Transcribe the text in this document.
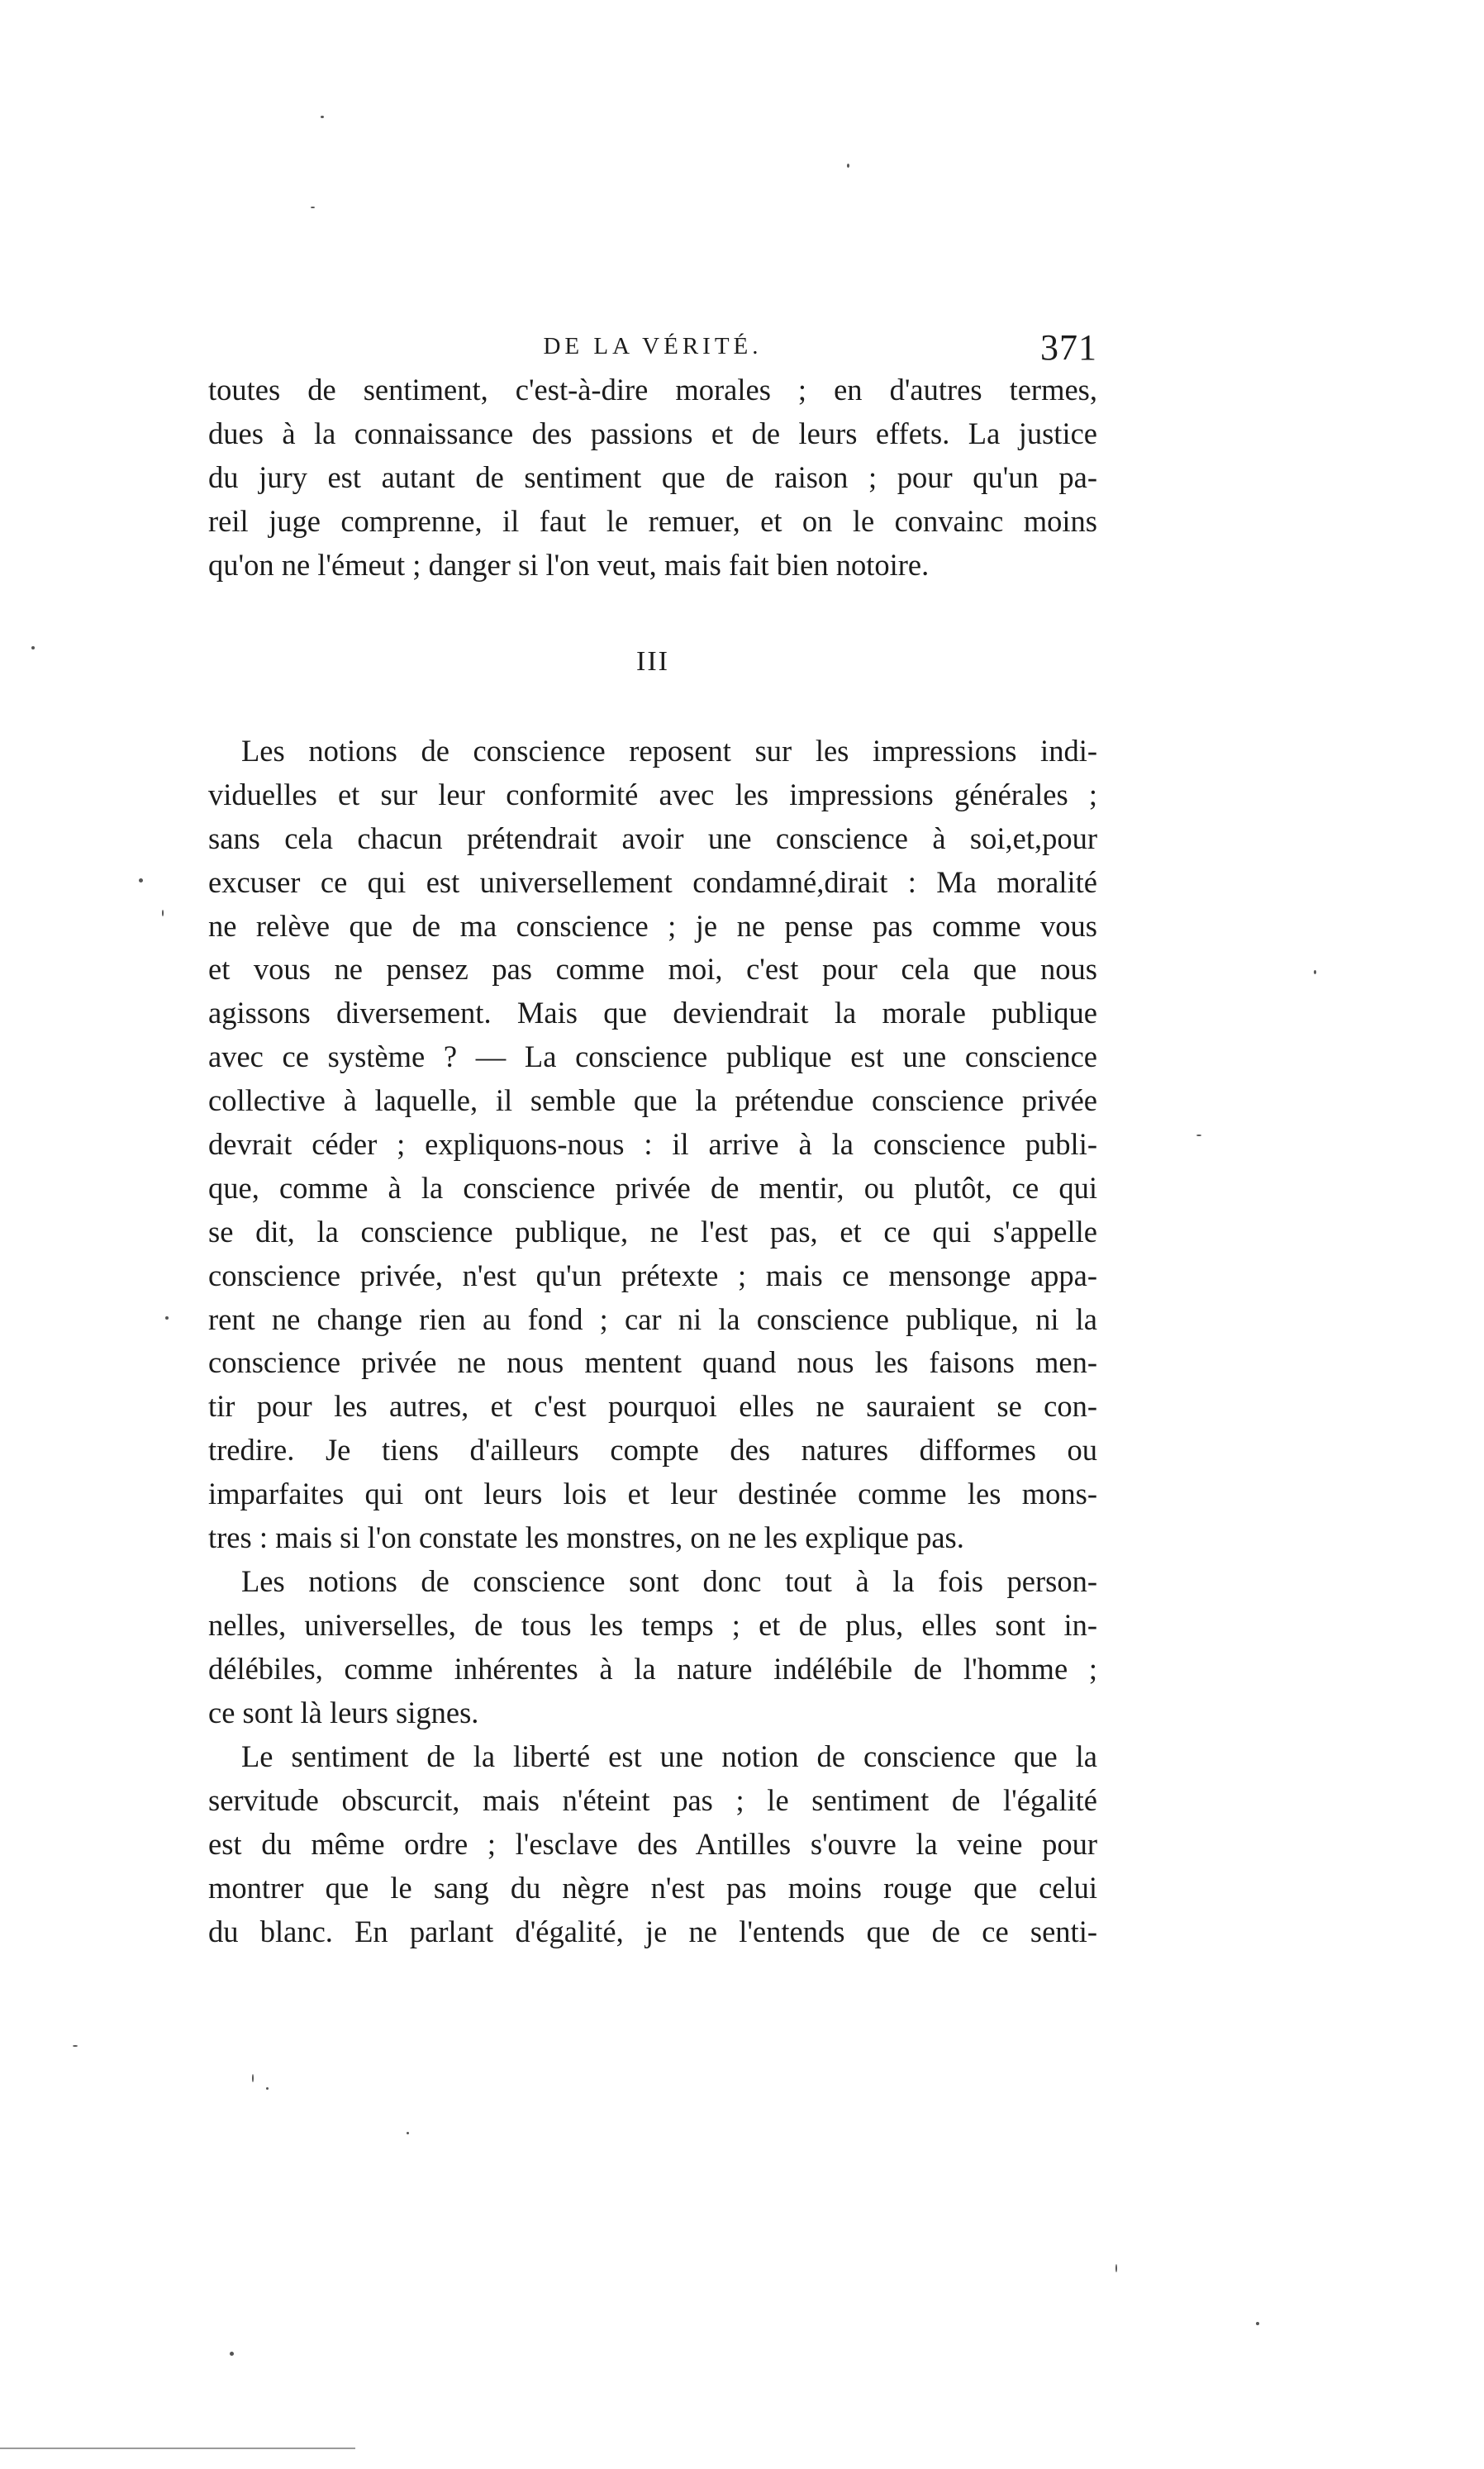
DE LA VÉRITÉ.	371
toutes de sentiment, c'est-à-dire morales ; en d'autres termes,
dues à la connaissance des passions et de leurs effets. La justice
du jury est autant de sentiment que de raison ; pour qu'un pa-
reil juge comprenne, il faut le remuer, et on le convainc moins
qu'on ne l'émeut ; danger si l'on veut, mais fait bien notoire.
III
Les notions de conscience reposent sur les impressions indi-
viduelles et sur leur conformité avec les impressions générales ;
sans cela chacun prétendrait avoir une conscience à soi,et,pour
excuser ce qui est universellement condamné,dirait : Ma moralité
ne relève que de ma conscience ; je ne pense pas comme vous
et vous ne pensez pas comme moi, c'est pour cela que nous
agissons diversement. Mais que deviendrait la morale publique
avec ce système ? — La conscience publique est une conscience
collective à laquelle, il semble que la prétendue conscience privée
devrait céder ; expliquons-nous : il arrive à la conscience publi-
que, comme à la conscience privée de mentir, ou plutôt, ce qui
se dit, la conscience publique, ne l'est pas, et ce qui s'appelle
conscience privée, n'est qu'un prétexte ; mais ce mensonge appa-
rent ne change rien au fond ; car ni la conscience publique, ni la
conscience privée ne nous mentent quand nous les faisons men-
tir pour les autres, et c'est pourquoi elles ne sauraient se con-
tredire. Je tiens d'ailleurs compte des natures difformes ou
imparfaites qui ont leurs lois et leur destinée comme les mons-
tres : mais si l'on constate les monstres, on ne les explique pas.
Les notions de conscience sont donc tout à la fois person-
nelles, universelles, de tous les temps ; et de plus, elles sont in-
délébiles, comme inhérentes à la nature indélébile de l'homme ;
ce sont là leurs signes.
Le sentiment de la liberté est une notion de conscience que la
servitude obscurcit, mais n'éteint pas ; le sentiment de l'égalité
est du même ordre ; l'esclave des Antilles s'ouvre la veine pour
montrer que le sang du nègre n'est pas moins rouge que celui
du blanc. En parlant d'égalité, je ne l'entends que de ce senti-
